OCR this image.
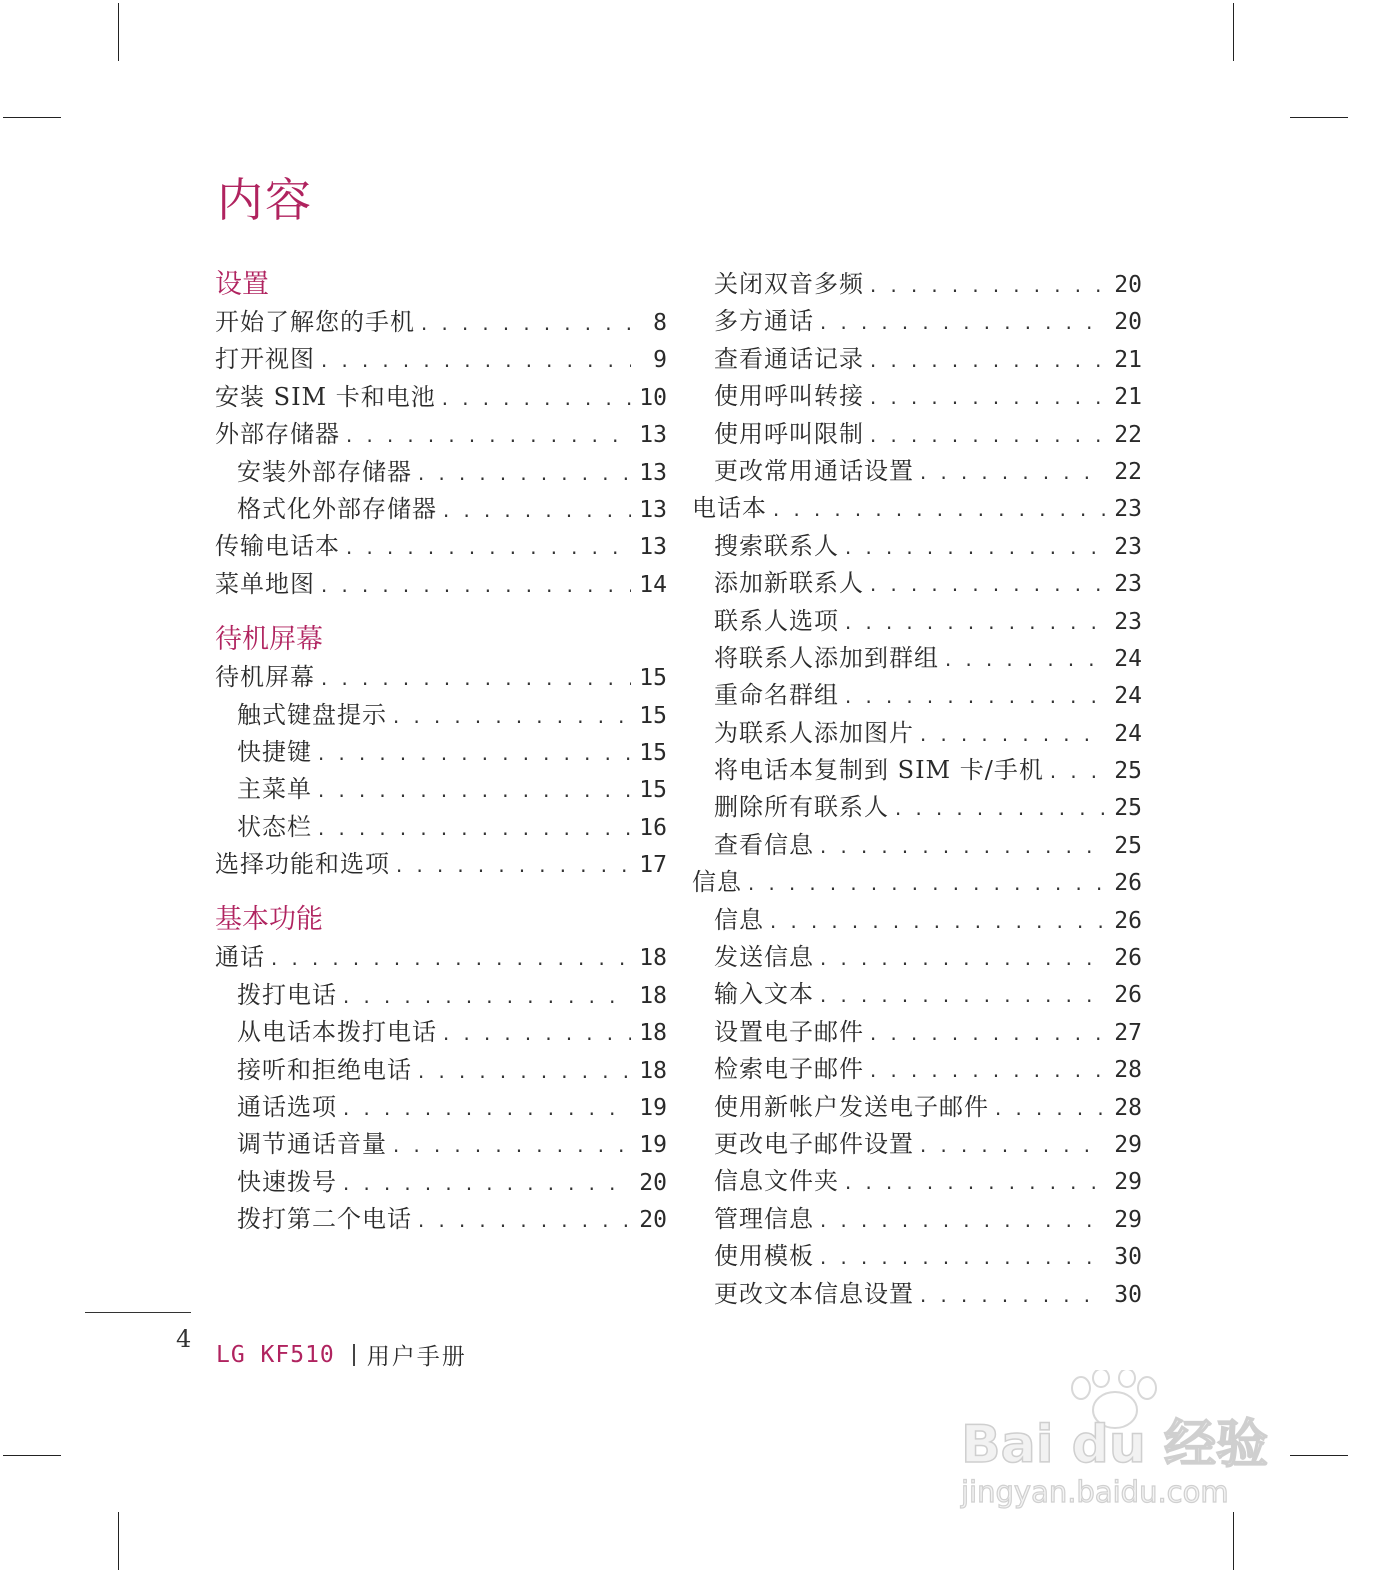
内容
设置
开始了解您的手机 . . .	8
打开视图 . . .	9
安装 SIM 卡和电池 . . .	10
外部存储器 . . .	13
安装外部存储器 . . .	13
格式化外部存储器 . . .	13
传输电话本 . . .	13
菜单地图 . . .	14
待机屏幕
待机屏幕 . . .	15
触式键盘提示 . . .	15
快捷键 . . .	15
主菜单 . . .	15
状态栏 . . .	16
选择功能和选项 . . .	17
基本功能
通话 . . .	18
拨打电话 . . .	18
从电话本拨打电话 . . .	18
接听和拒绝电话 . . .	18
通话选项 . . .	19
调节通话音量 . . .	19
快速拨号 . . .	20
拨打第二个电话 . . .	20
关闭双音多频 . . .	20
多方通话 . . .	20
查看通话记录 . . .	21
使用呼叫转接 . . .	21
使用呼叫限制 . . .	22
更改常用通话设置 . . .	22
电话本 . . .	23
搜索联系人 . . .	23
添加新联系人 . . .	23
联系人选项 . . .	23
将联系人添加到群组 . . .	24
重命名群组 . . .	24
为联系人添加图片 . . .	24
将电话本复制到 SIM 卡/手机 . . .	25
删除所有联系人 . . .	25
查看信息 . . .	25
信息 . . .	26
信息 . . .	26
发送信息 . . .	26
输入文本 . . .	26
设置电子邮件 . . .	27
检索电子邮件 . . .	28
使用新帐户发送电子邮件 . . .	28
更改电子邮件设置 . . .	29
信息文件夹 . . .	29
管理信息 . . .	29
使用模板 . . .	30
更改文本信息设置 . . .	30
4
LG KF510 用户手册
Bai du 经验
jingyan.baidu.com
